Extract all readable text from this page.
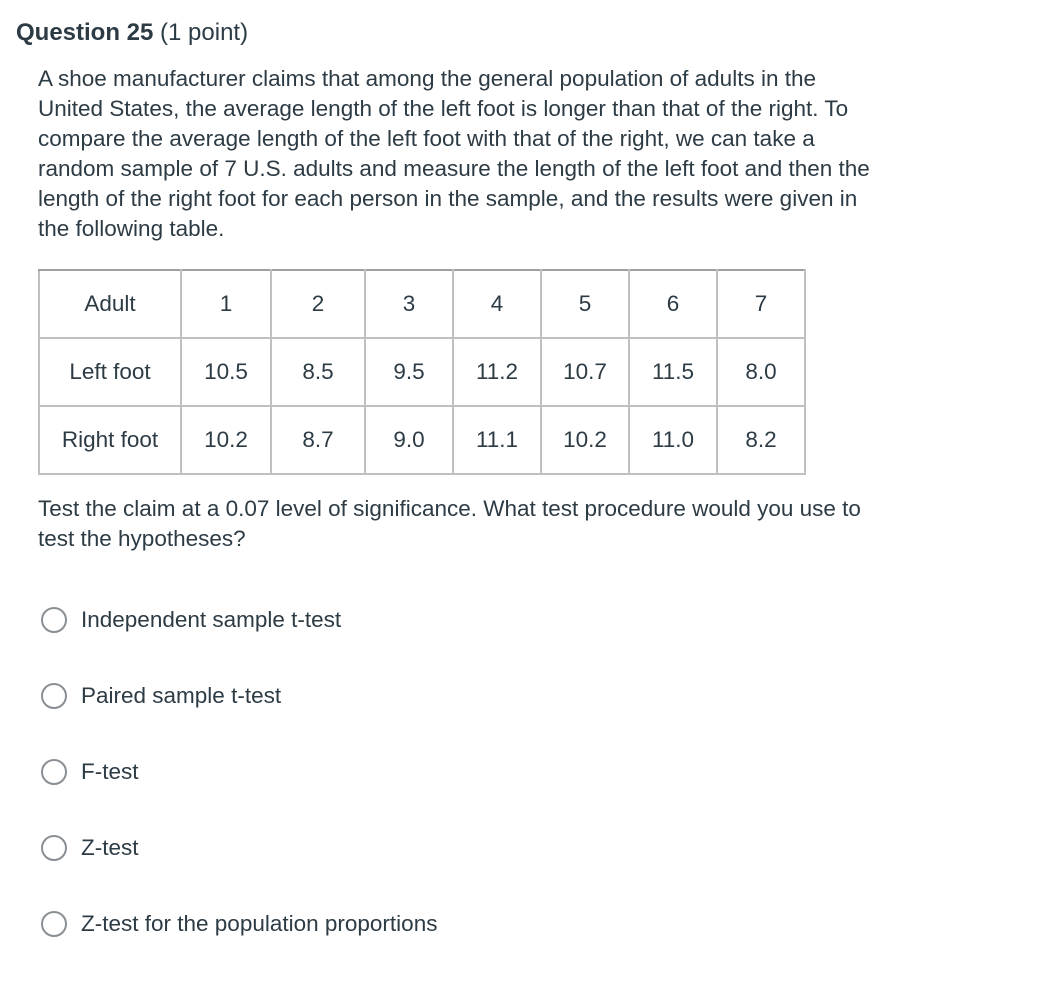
Question 25 (1 point)

A shoe manufacturer claims that among the general population of adults in the

United States, the average length of the left foot is longer than that of the right. To

compare the average length of the left foot with that of the right, we can take a

random sample of 7 U.S. adults and measure the length of the left foot and then the

length of the right foot for each person in the sample, and the results were given in

the following table.

Adult	1	2	3	4	5	6	7
Left foot	10.5	8.5	9.5	11.2	10.7	11.5	8.0
Right foot	10.2	8.7	9.0	11.1	10.2	11.0	8.2

Test the claim at a 0.07 level of significance. What test procedure would you use to

test the hypotheses?

Independent sample t-test
Paired sample t-test
F-test
Z-test
Z-test for the population proportions
